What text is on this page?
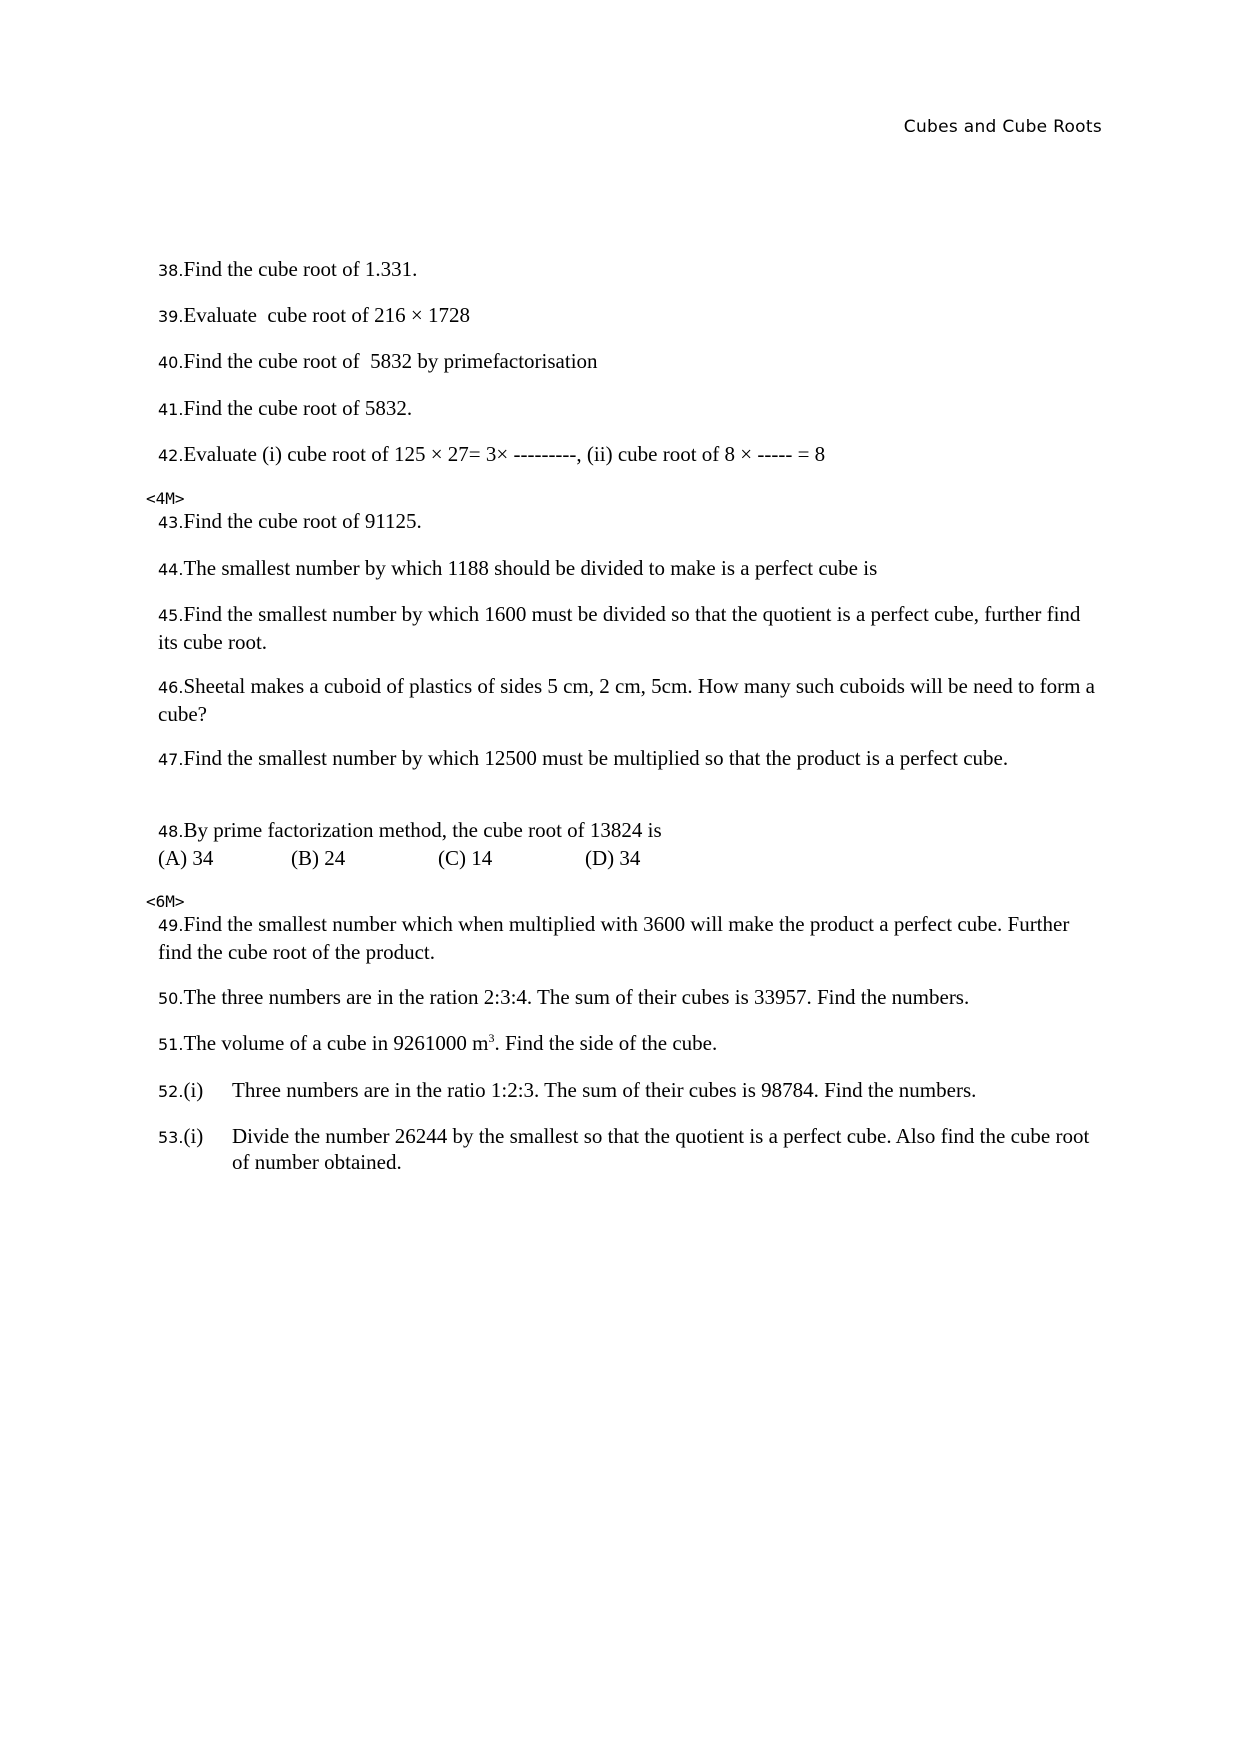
Cubes and Cube Roots
38.Find the cube root of 1.331.
39.Evaluate  cube root of 216 × 1728
40.Find the cube root of  5832 by primefactorisation
41.Find the cube root of 5832.
42.Evaluate (i) cube root of 125 × 27= 3× ---------, (ii) cube root of 8 × ----- = 8
<4M>
43.Find the cube root of 91125.
44.The smallest number by which 1188 should be divided to make is a perfect cube is
45.Find the smallest number by which 1600 must be divided so that the quotient is a perfect cube, further find its cube root.
46.Sheetal makes a cuboid of plastics of sides 5 cm, 2 cm, 5cm. How many such cuboids will be need to form a cube?
47.Find the smallest number by which 12500 must be multiplied so that the product is a perfect cube.
48.By prime factorization method, the cube root of 13824 is
(A) 34	(B) 24	(C) 14	(D) 34
<6M>
49.Find the smallest number which when multiplied with 3600 will make the product a perfect cube. Further find the cube root of the product.
50.The three numbers are in the ration 2:3:4. The sum of their cubes is 33957. Find the numbers.
51.The volume of a cube in 9261000 $m^3$. Find the side of the cube.
52.(i) Three numbers are in the ratio 1:2:3. The sum of their cubes is 98784. Find the numbers.
53.(i) Divide the number 26244 by the smallest so that the quotient is a perfect cube. Also find the cube root of number obtained.
